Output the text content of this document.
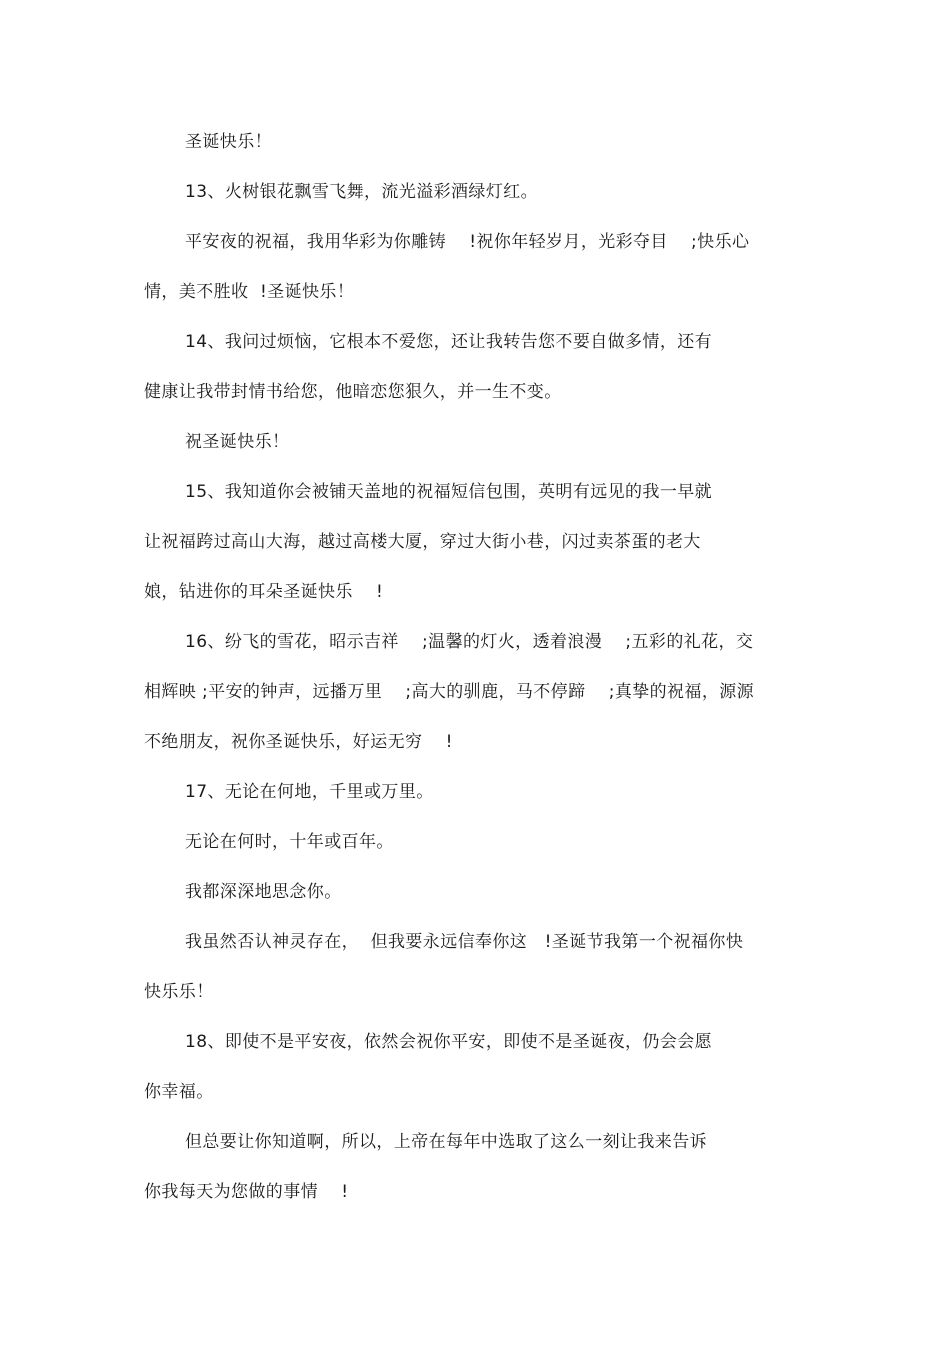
圣诞快乐！
13、火树银花飘雪飞舞，流光溢彩酒绿灯红。
平安夜的祝福，我用华彩为你雕铸    !祝你年轻岁月，光彩夺目    ;快乐心
情，美不胜收  !圣诞快乐！
14、我问过烦恼，它根本不爱您，还让我转告您不要自做多情，还有
健康让我带封情书给您，他暗恋您狠久，并一生不变。
祝圣诞快乐！
15、我知道你会被铺天盖地的祝福短信包围，英明有远见的我一早就
让祝福跨过高山大海，越过高楼大厦，穿过大街小巷，闪过卖茶蛋的老大
娘，钻进你的耳朵圣诞快乐    !
16、纷飞的雪花，昭示吉祥    ;温馨的灯火，透着浪漫    ;五彩的礼花，交
相辉映 ;平安的钟声，远播万里    ;高大的驯鹿，马不停蹄    ;真挚的祝福，源源
不绝朋友，祝你圣诞快乐，好运无穷    !
17、无论在何地，千里或万里。
无论在何时，十年或百年。
我都深深地思念你。
我虽然否认神灵存在，  但我要永远信奉你这   !圣诞节我第一个祝福你快
快乐乐！
18、即使不是平安夜，依然会祝你平安，即使不是圣诞夜，仍会会愿
你幸福。
但总要让你知道啊，所以，上帝在每年中选取了这么一刻让我来告诉
你我每天为您做的事情    !
